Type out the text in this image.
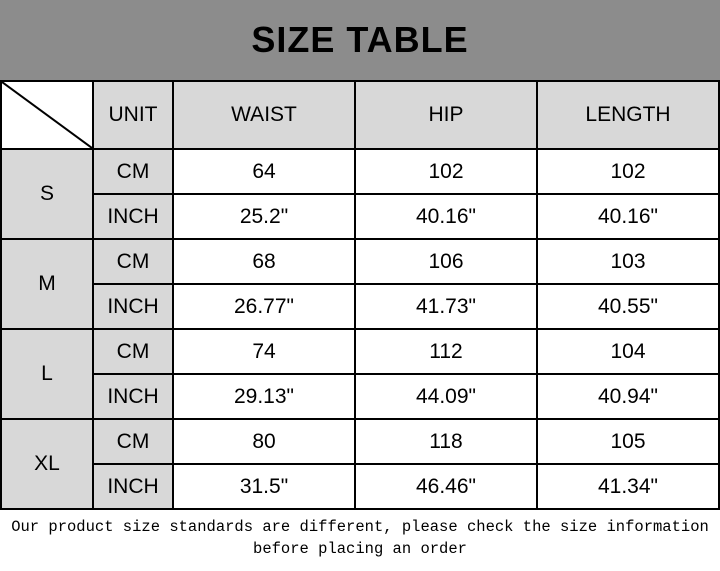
SIZE TABLE
	UNIT	WAIST	HIP	LENGTH
S	CM	64	102	102
	INCH	25.2"	40.16"	40.16"
M	CM	68	106	103
	INCH	26.77"	41.73"	40.55"
L	CM	74	112	104
	INCH	29.13"	44.09"	40.94"
XL	CM	80	118	105
	INCH	31.5"	46.46"	41.34"
Our product size standards are different, please check the size information
before placing an order
